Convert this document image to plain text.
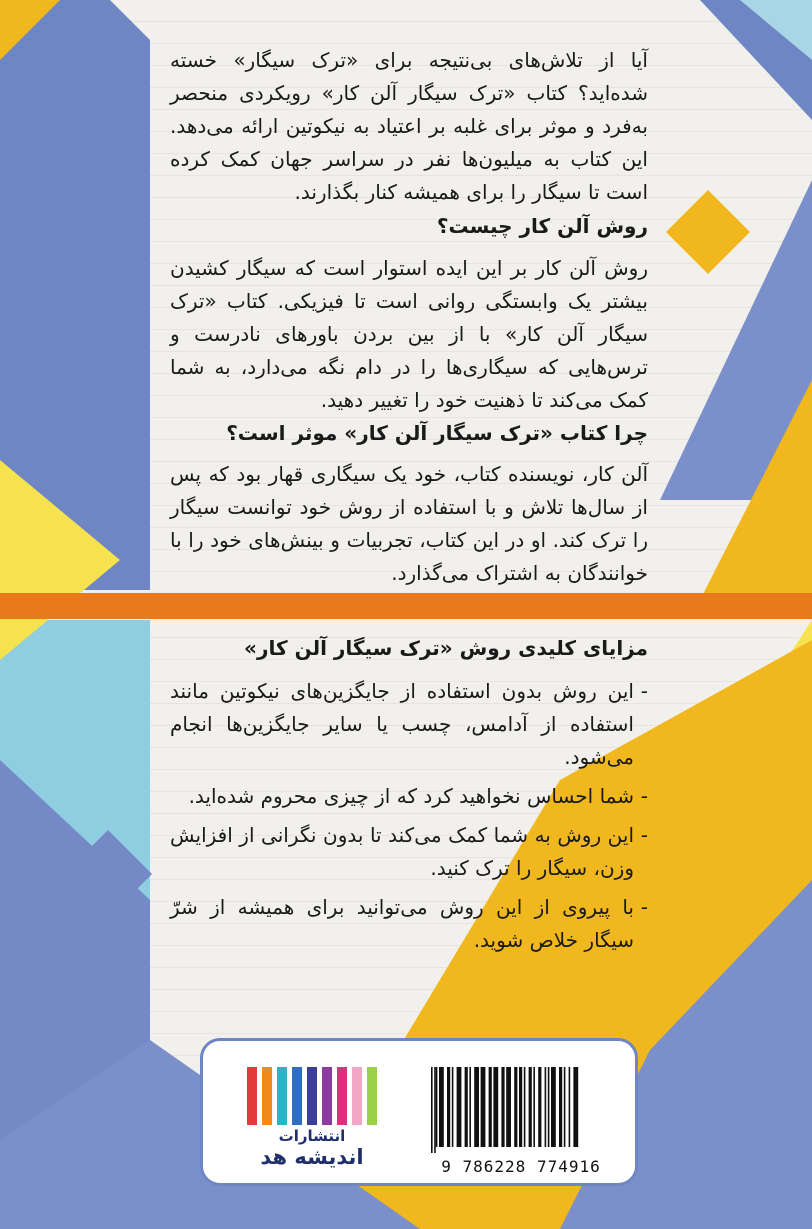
آیا از تلاش‌های بی‌نتیجه برای «ترک سیگار» خسته شده‌اید؟ کتاب «ترک سیگار آلن کار» رویکردی منحصر به‌فرد و موثر برای غلبه بر اعتیاد به نیکوتین ارائه می‌دهد. این کتاب به میلیون‌ها نفر در سراسر جهان کمک کرده است تا سیگار را برای همیشه کنار بگذارند.

روش آلن کار چیست؟

روش آلن کار بر این ایده استوار است که سیگار کشیدن بیشتر یک وابستگی روانی است تا فیزیکی. کتاب «ترک سیگار آلن کار» با از بین بردن باورهای نادرست و ترس‌هایی که سیگاری‌ها را در دام نگه می‌دارد، به شما کمک می‌کند تا ذهنیت خود را تغییر دهید.

چرا کتاب «ترک سیگار آلن کار» موثر است؟

آلن کار، نویسنده کتاب، خود یک سیگاری قهار بود که پس از سال‌ها تلاش و با استفاده از روش خود توانست سیگار را ترک کند. او در این کتاب، تجربیات و بینش‌های خود را با خوانندگان به اشتراک می‌گذارد.

مزایای کلیدی روش «ترک سیگار آلن کار»

- این روش بدون استفاده از جایگزین‌های نیکوتین مانند استفاده از آدامس، چسب یا سایر جایگزین‌ها انجام می‌شود.

- شما احساس نخواهید کرد که از چیزی محروم شده‌اید.

- این روش به شما کمک می‌کند تا بدون نگرانی از افزایش وزن، سیگار را ترک کنید.

- با پیروی از این روش می‌توانید برای همیشه از شرّ سیگار خلاص شوید.

انتشارات
اندیشه هد	9 786228 774916
